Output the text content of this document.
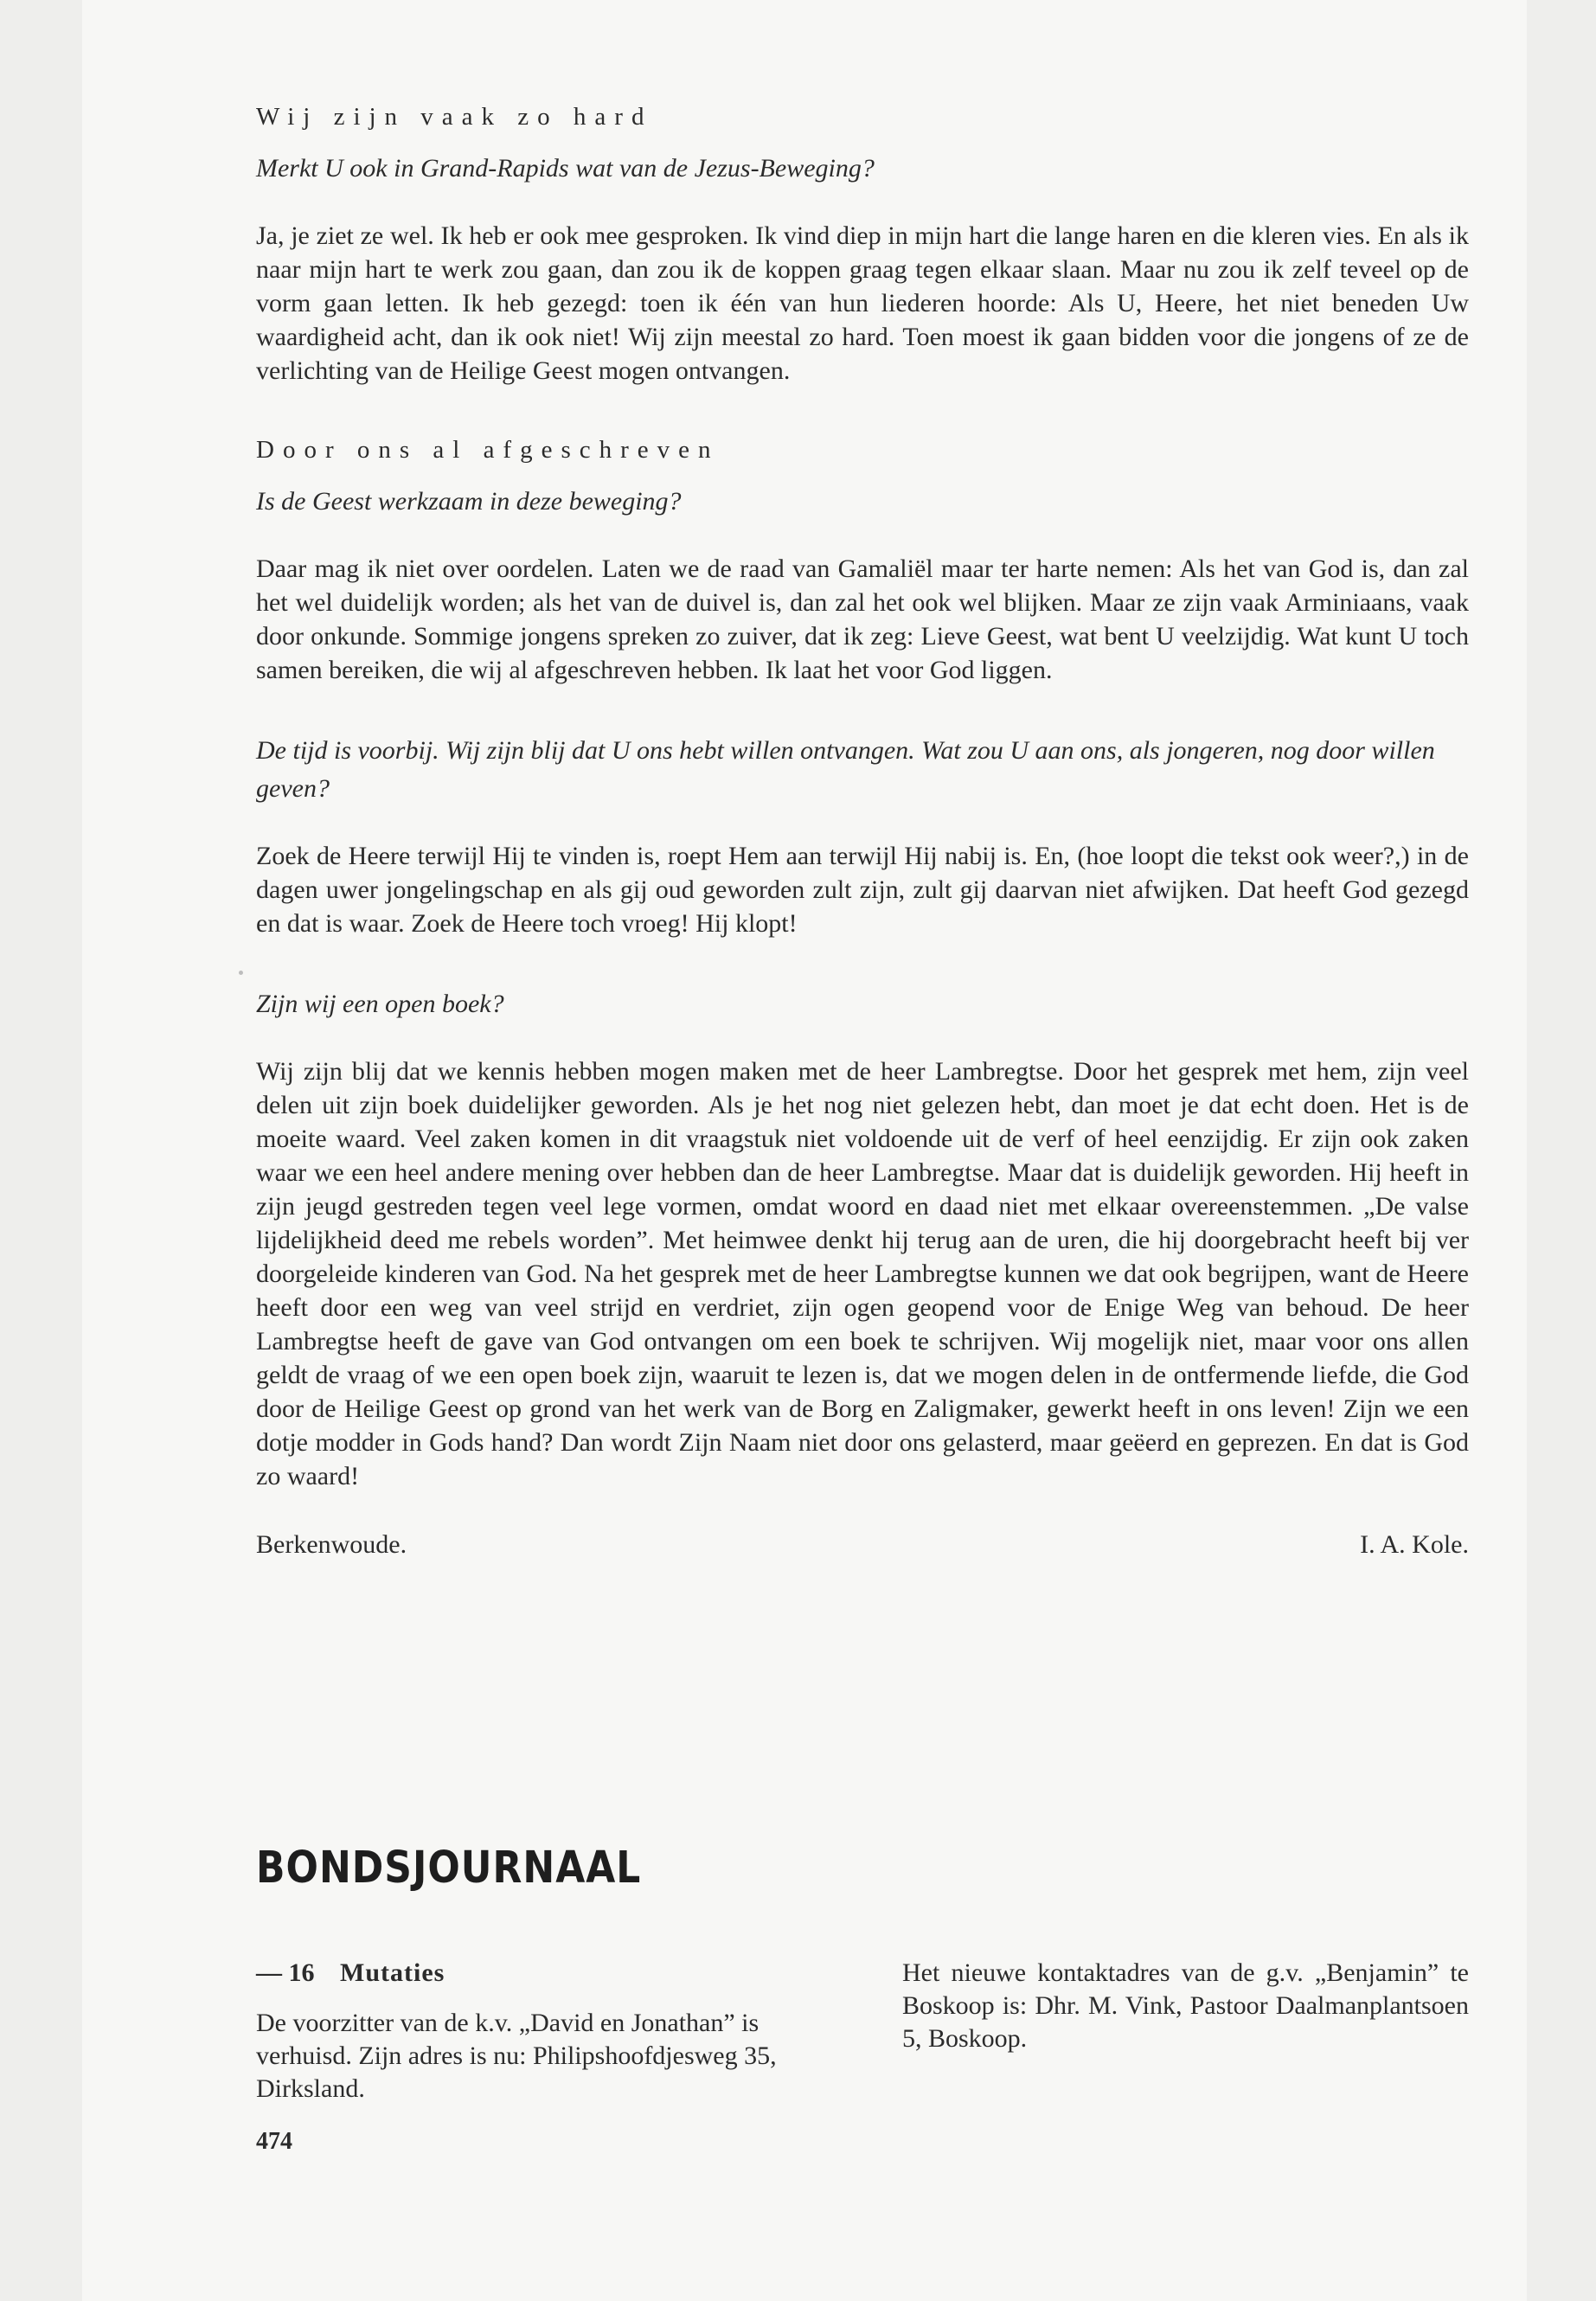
Wij zijn vaak zo hard
Merkt U ook in Grand-Rapids wat van de Jezus-Beweging?
Ja, je ziet ze wel. Ik heb er ook mee gesproken. Ik vind diep in mijn hart die lange haren en die kleren vies. En als ik naar mijn hart te werk zou gaan, dan zou ik de koppen graag tegen elkaar slaan. Maar nu zou ik zelf teveel op de vorm gaan letten. Ik heb gezegd: toen ik één van hun liederen hoorde: Als U, Heere, het niet beneden Uw waardigheid acht, dan ik ook niet! Wij zijn meestal zo hard. Toen moest ik gaan bidden voor die jongens of ze de verlichting van de Heilige Geest mogen ontvangen.
Door ons al afgeschreven
Is de Geest werkzaam in deze beweging?
Daar mag ik niet over oordelen. Laten we de raad van Gamaliël maar ter harte nemen: Als het van God is, dan zal het wel duidelijk worden; als het van de duivel is, dan zal het ook wel blijken. Maar ze zijn vaak Arminiaans, vaak door onkunde. Sommige jongens spreken zo zuiver, dat ik zeg: Lieve Geest, wat bent U veelzijdig. Wat kunt U toch samen bereiken, die wij al afgeschreven hebben. Ik laat het voor God liggen.
De tijd is voorbij. Wij zijn blij dat U ons hebt willen ontvangen. Wat zou U aan ons, als jongeren, nog door willen geven?
Zoek de Heere terwijl Hij te vinden is, roept Hem aan terwijl Hij nabij is. En, (hoe loopt die tekst ook weer?,) in de dagen uwer jongelingschap en als gij oud geworden zult zijn, zult gij daarvan niet afwijken. Dat heeft God gezegd en dat is waar. Zoek de Heere toch vroeg! Hij klopt!
Zijn wij een open boek?
Wij zijn blij dat we kennis hebben mogen maken met de heer Lambregtse. Door het gesprek met hem, zijn veel delen uit zijn boek duidelijker geworden. Als je het nog niet gelezen hebt, dan moet je dat echt doen. Het is de moeite waard. Veel zaken komen in dit vraagstuk niet voldoende uit de verf of heel eenzijdig. Er zijn ook zaken waar we een heel andere mening over hebben dan de heer Lambregtse. Maar dat is duidelijk geworden. Hij heeft in zijn jeugd gestreden tegen veel lege vormen, omdat woord en daad niet met elkaar overeenstemmen. „De valse lijdelijkheid deed me rebels worden”. Met heimwee denkt hij terug aan de uren, die hij doorgebracht heeft bij ver doorgeleide kinderen van God. Na het gesprek met de heer Lambregtse kunnen we dat ook begrijpen, want de Heere heeft door een weg van veel strijd en verdriet, zijn ogen geopend voor de Enige Weg van behoud. De heer Lambregtse heeft de gave van God ontvangen om een boek te schrijven. Wij mogelijk niet, maar voor ons allen geldt de vraag of we een open boek zijn, waaruit te lezen is, dat we mogen delen in de ontfermende liefde, die God door de Heilige Geest op grond van het werk van de Borg en Zaligmaker, gewerkt heeft in ons leven! Zijn we een dotje modder in Gods hand? Dan wordt Zijn Naam niet door ons gelasterd, maar geëerd en geprezen. En dat is God zo waard!
Berkenwoude.	I. A. Kole.
BONDSJOURNAAL
— 16 Mutaties
De voorzitter van de k.v. „David en Jonathan” is verhuisd. Zijn adres is nu: Philipshoofdjesweg 35, Dirksland.
Het nieuwe kontaktadres van de g.v. „Benjamin” te Boskoop is: Dhr. M. Vink, Pastoor Daalmanplantsoen 5, Boskoop.
474
